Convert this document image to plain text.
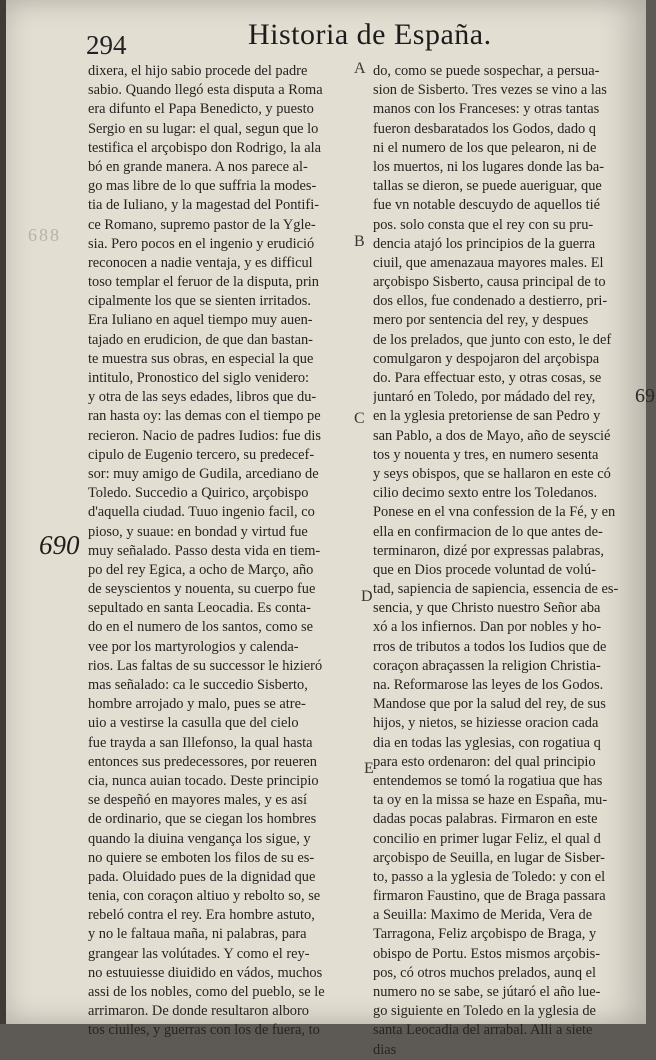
294	Historia de España.
688
690
69
A
B
C
D
E
dixera, el hijo sabio procede del padre
sabio. Quando llegó esta disputa a Roma
era difunto el Papa Benedicto, y puesto
Sergio en su lugar: el qual, segun que lo
testifica el arçobispo don Rodrigo, la ala
bó en grande manera. A nos parece al-
go mas libre de lo que suffria la modes-
tia de Iuliano, y la magestad del Pontifi-
ce Romano, supremo pastor de la Ygle-
sia. Pero pocos en el ingenio y erudició
reconocen a nadie ventaja, y es difficul
toso templar el feruor de la disputa, prin
cipalmente los que se sienten irritados.
Era Iuliano en aquel tiempo muy auen-
tajado en erudicion, de que dan bastan-
te muestra sus obras, en especial la que
intitulo, Pronostico del siglo venidero:
y otra de las seys edades, libros que du-
ran hasta oy: las demas con el tiempo pe
recieron. Nacio de padres Iudios: fue dis
cipulo de Eugenio tercero, su predecef-
sor: muy amigo de Gudila, arcediano de
Toledo. Succedio a Quirico, arçobispo
d'aquella ciudad. Tuuo ingenio facil, co
pioso, y suaue: en bondad y virtud fue
muy señalado. Passo desta vida en tiem-
po del rey Egica, a ocho de Março, año
de seyscientos y nouenta, su cuerpo fue
sepultado en santa Leocadia. Es conta-
do en el numero de los santos, como se
vee por los martyrologios y calenda-
rios. Las faltas de su successor le hizieró
mas señalado: ca le succedio Sisberto,
hombre arrojado y malo, pues se atre-
uio a vestirse la casulla que del cielo
fue trayda a san Illefonso, la qual hasta
entonces sus predecessores, por reueren
cia, nunca auian tocado. Deste principio
se despeñó en mayores males, y es así
de ordinario, que se ciegan los hombres
quando la diuina vengança los sigue, y
no quiere se emboten los filos de su es-
pada. Oluidado pues de la dignidad que
tenia, con coraçon altiuo y rebolto so, se
rebeló contra el rey. Era hombre astuto,
y no le faltaua maña, ni palabras, para
grangear las volútades. Y como el rey-
no estuuiesse diuidido en vádos, muchos
assi de los nobles, como del pueblo, se le
arrimaron. De donde resultaron alboro
tos ciuiles, y guerras con los de fuera, to
do, como se puede sospechar, a persua-
sion de Sisberto. Tres vezes se vino a las
manos con los Franceses: y otras tantas
fueron desbaratados los Godos, dado q
ni el numero de los que pelearon, ni de
los muertos, ni los lugares donde las ba-
tallas se dieron, se puede aueriguar, que
fue vn notable descuydo de aquellos tié
pos. solo consta que el rey con su pru-
dencia atajó los principios de la guerra
ciuil, que amenazaua mayores males. El
arçobispo Sisberto, causa principal de to
dos ellos, fue condenado a destierro, pri-
mero por sentencia del rey, y despues
de los prelados, que junto con esto, le def
comulgaron y despojaron del arçobispa
do. Para effectuar esto, y otras cosas, se
juntaró en Toledo, por mádado del rey,
en la yglesia pretoriense de san Pedro y
san Pablo, a dos de Mayo, año de seyscié
tos y nouenta y tres, en numero sesenta
y seys obispos, que se hallaron en este có
cilio decimo sexto entre los Toledanos.
Ponese en el vna confession de la Fé, y en
ella en confirmacion de lo que antes de-
terminaron, dizé por expressas palabras,
que en Dios procede voluntad de volú-
tad, sapiencia de sapiencia, essencia de es-
sencia, y que Christo nuestro Señor aba
xó a los infiernos. Dan por nobles y ho-
rros de tributos a todos los Iudios que de
coraçon abraçassen la religion Christia-
na. Reformarose las leyes de los Godos.
Mandose que por la salud del rey, de sus
hijos, y nietos, se hiziesse oracion cada
dia en todas las yglesias, con rogatiua q
para esto ordenaron: del qual principio
entendemos se tomó la rogatiua que has
ta oy en la missa se haze en España, mu-
dadas pocas palabras. Firmaron en este
concilio en primer lugar Feliz, el qual d
arçobispo de Seuilla, en lugar de Sisber-
to, passo a la yglesia de Toledo: y con el
firmaron Faustino, que de Braga passara
a Seuilla: Maximo de Merida, Vera de
Tarragona, Feliz arçobispo de Braga, y
obispo de Portu. Estos mismos arçobis-
pos, có otros muchos prelados, aunq el
numero no se sabe, se jútaró el año lue-
go siguiente en Toledo en la yglesia de
santa Leocadia del arrabal. Alli a siete
dias
